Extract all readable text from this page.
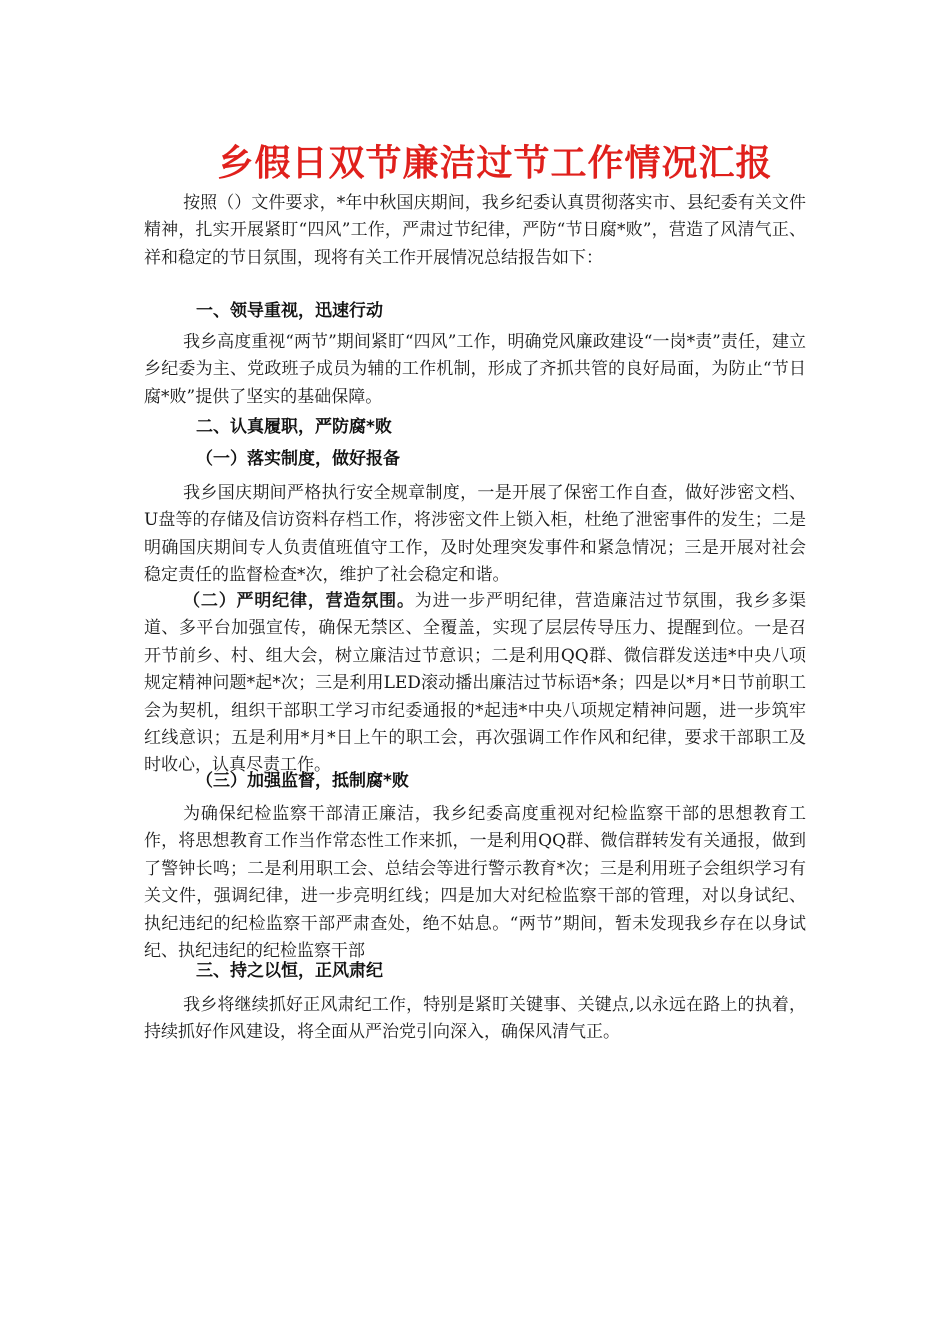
乡假日双节廉洁过节工作情况汇报

按照（）文件要求，*年中秋国庆期间，我乡纪委认真贯彻落实市、县纪委有关文件精神，扎实开展紧盯“四风”工作，严肃过节纪律，严防“节日腐*败”，营造了风清气正、祥和稳定的节日氛围，现将有关工作开展情况总结报告如下：

一、领导重视，迅速行动

我乡高度重视“两节”期间紧盯“四风”工作，明确党风廉政建设“一岗*责”责任，建立乡纪委为主、党政班子成员为辅的工作机制，形成了齐抓共管的良好局面，为防止“节日腐*败”提供了坚实的基础保障。

二、认真履职，严防腐*败

（一）落实制度，做好报备

我乡国庆期间严格执行安全规章制度，一是开展了保密工作自查，做好涉密文档、U盘等的存储及信访资料存档工作，将涉密文件上锁入柜，杜绝了泄密事件的发生；二是明确国庆期间专人负责值班值守工作，及时处理突发事件和紧急情况；三是开展对社会稳定责任的监督检查*次，维护了社会稳定和谐。

（二）严明纪律，营造氛围。为进一步严明纪律，营造廉洁过节氛围，我乡多渠道、多平台加强宣传，确保无禁区、全覆盖，实现了层层传导压力、提醒到位。一是召开节前乡、村、组大会，树立廉洁过节意识；二是利用QQ群、微信群发送违*中央八项规定精神问题*起*次；三是利用LED滚动播出廉洁过节标语*条；四是以*月*日节前职工会为契机，组织干部职工学习市纪委通报的*起违*中央八项规定精神问题，进一步筑牢红线意识；五是利用*月*日上午的职工会，再次强调工作作风和纪律，要求干部职工及时收心，认真尽责工作。

（三）加强监督，抵制腐*败

为确保纪检监察干部清正廉洁，我乡纪委高度重视对纪检监察干部的思想教育工作，将思想教育工作当作常态性工作来抓，一是利用QQ群、微信群转发有关通报，做到了警钟长鸣；二是利用职工会、总结会等进行警示教育*次；三是利用班子会组织学习有关文件，强调纪律，进一步亮明红线；四是加大对纪检监察干部的管理，对以身试纪、执纪违纪的纪检监察干部严肃查处，绝不姑息。“两节”期间，暂未发现我乡存在以身试纪、执纪违纪的纪检监察干部

三、持之以恒，正风肃纪

我乡将继续抓好正风肃纪工作，特别是紧盯关键事、关键点,以永远在路上的执着，持续抓好作风建设，将全面从严治党引向深入，确保风清气正。
